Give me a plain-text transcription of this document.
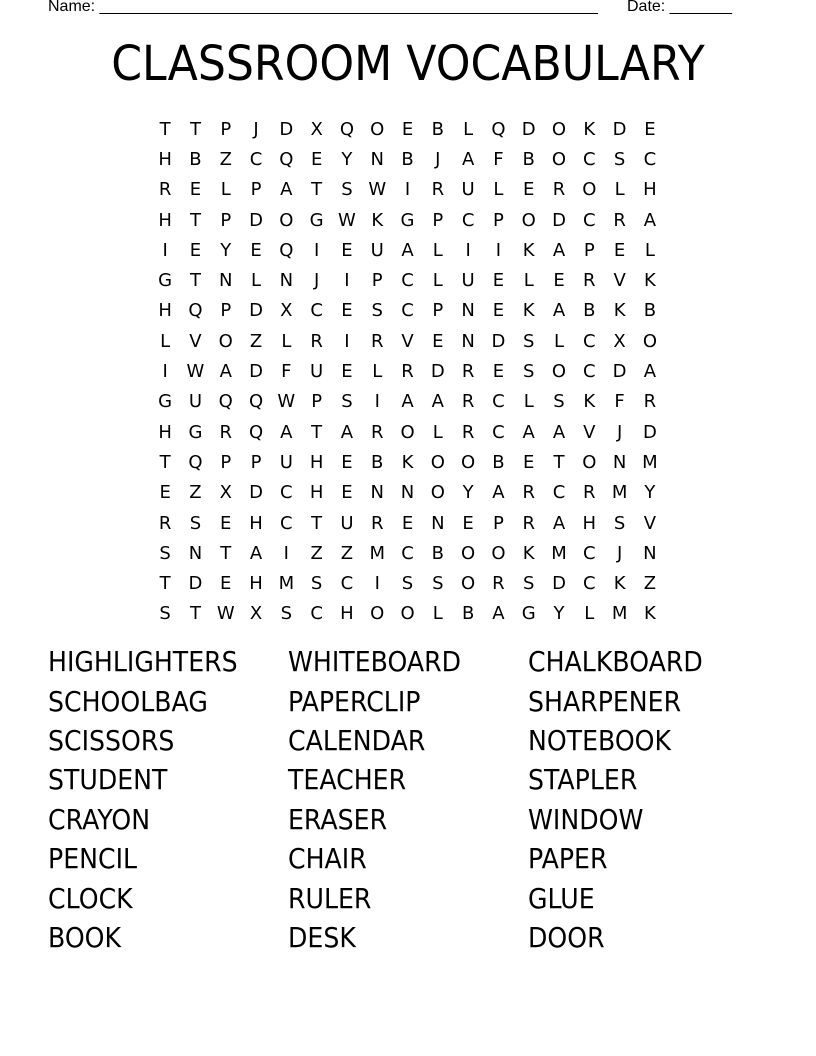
Name: ________________________________________________________ Date: _______
CLASSROOM VOCABULARY
T	T	P	J	D X Q O E	B	L	Q D O K D E
H B Z C Q E	Y	N B	J	A	F	B O C	S	C
R	E	L	P	A	T	S W	I	R U	L	E	R O	L	H
H	T	P D O G W K G P	C	P O D C R A
I	E	Y	E Q	I	E	U A	L	I	I	K	A	P	E	L
G T	N	L	N	J	I	P	C	L	U	E	L	E	R V	K
H Q P D X C	E	S	C	P	N E	K	A B	K	B
L	V O Z	L	R	I	R V	E N D S	L	C X O
I	W A D	F	U	E	L	R D R	E	S O C D A
G U Q Q W P	S	I	A A R C	L	S	K	F	R
H G R Q A	T	A R O	L	R C A A V	J	D
T Q P	P	U H E	B	K O O B	E	T O N M
E	Z X D C H E N N O Y	A R C R M Y
R	S	E H C	T	U R	E N E	P	R A H S	V
S N	T	A	I	Z Z M C B O O K M C	J	N
T D E H M S	C	I	S	S O R	S D C	K	Z
S	T W X	S	C H O O	L	B A G Y	L M K
HIGHLIGHTERS	WHITEBOARD	CHALKBOARD
SCHOOLBAG	PAPERCLIP	SHARPENER
SCISSORS	CALENDAR	NOTEBOOK
STUDENT	TEACHER	STAPLER
CRAYON	ERASER	WINDOW
PENCIL	CHAIR	PAPER
CLOCK	RULER	GLUE
BOOK	DESK	DOOR
